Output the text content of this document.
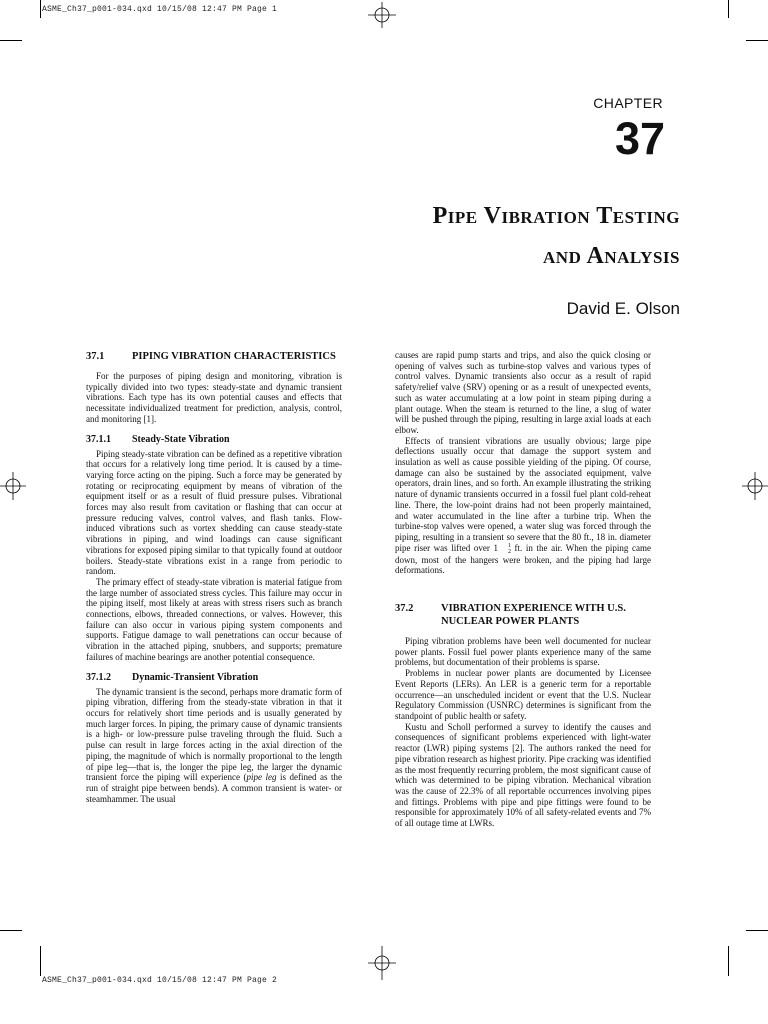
ASME_Ch37_p001-034.qxd 10/15/08 12:47 PM Page 1
ASME_Ch37_p001-034.qxd 10/15/08 12:47 PM Page 2
CHAPTER
37
Pipe Vibration Testing
and Analysis
David E. Olson
37.1	PIPING VIBRATION CHARACTERISTICS

For the purposes of piping design and monitoring, vibration is typically divided into two types: steady-state and dynamic transient vibrations. Each type has its own potential causes and effects that necessitate individualized treatment for prediction, analysis, control, and monitoring [1].

37.1.1	Steady-State Vibration

Piping steady-state vibration can be defined as a repetitive vibration that occurs for a relatively long time period. It is caused by a time-varying force acting on the piping. Such a force may be generated by rotating or reciprocating equipment by means of vibration of the equipment itself or as a result of fluid pressure pulses. Vibrational forces may also result from cavitation or flashing that can occur at pressure reducing valves, control valves, and flash tanks. Flow-induced vibrations such as vortex shedding can cause steady-state vibrations in piping, and wind loadings can cause significant vibrations for exposed piping similar to that typically found at outdoor boilers. Steady-state vibrations exist in a range from periodic to random.

The primary effect of steady-state vibration is material fatigue from the large number of associated stress cycles. This failure may occur in the piping itself, most likely at areas with stress risers such as branch connections, elbows, threaded connections, or valves. However, this failure can also occur in various piping system components and supports. Fatigue damage to wall penetrations can occur because of vibration in the attached piping, snubbers, and supports; premature failures of machine bearings are another potential consequence.

37.1.2	Dynamic-Transient Vibration

The dynamic transient is the second, perhaps more dramatic form of piping vibration, differing from the steady-state vibration in that it occurs for relatively short time periods and is usually generated by much larger forces. In piping, the primary cause of dynamic transients is a high- or low-pressure pulse traveling through the fluid. Such a pulse can result in large forces acting in the axial direction of the piping, the magnitude of which is normally proportional to the length of pipe leg—that is, the longer the pipe leg, the larger the dynamic transient force the piping will experience (pipe leg is defined as the run of straight pipe between bends). A common transient is water- or steamhammer. The usual

causes are rapid pump starts and trips, and also the quick closing or opening of valves such as turbine-stop valves and various types of control valves. Dynamic transients also occur as a result of rapid safety/relief valve (SRV) opening or as a result of unexpected events, such as water accumulating at a low point in steam piping during a plant outage. When the steam is returned to the line, a slug of water will be pushed through the piping, resulting in large axial loads at each elbow.

Effects of transient vibrations are usually obvious; large pipe deflections usually occur that damage the support system and insulation as well as cause possible yielding of the piping. Of course, damage can also be sustained by the associated equipment, valve operators, drain lines, and so forth. An example illustrating the striking nature of dynamic transients occurred in a fossil fuel plant cold-reheat line. There, the low-point drains had not been properly maintained, and water accumulated in the line after a turbine trip. When the turbine-stop valves were opened, a water slug was forced through the piping, resulting in a transient so severe that the 80 ft., 18 in. diameter pipe riser was lifted over 1	1
2 ft. in the air. When the piping came down, most of the hangers were broken, and the piping had large deformations.

37.2	VIBRATION EXPERIENCE WITH U.S. NUCLEAR POWER PLANTS

Piping vibration problems have been well documented for nuclear power plants. Fossil fuel power plants experience many of the same problems, but documentation of their problems is sparse.

Problems in nuclear power plants are documented by Licensee Event Reports (LERs). An LER is a generic term for a reportable occurrence—an unscheduled incident or event that the U.S. Nuclear Regulatory Commission (USNRC) determines is significant from the standpoint of public health or safety.

Kustu and Scholl performed a survey to identify the causes and consequences of significant problems experienced with light-water reactor (LWR) piping systems [2]. The authors ranked the need for pipe vibration research as highest priority. Pipe cracking was identified as the most frequently recurring problem, the most significant cause of which was determined to be piping vibration. Mechanical vibration was the cause of 22.3% of all reportable occurrences involving pipes and fittings. Problems with pipe and pipe fittings were found to be responsible for approximately 10% of all safety-related events and 7% of all outage time at LWRs.
